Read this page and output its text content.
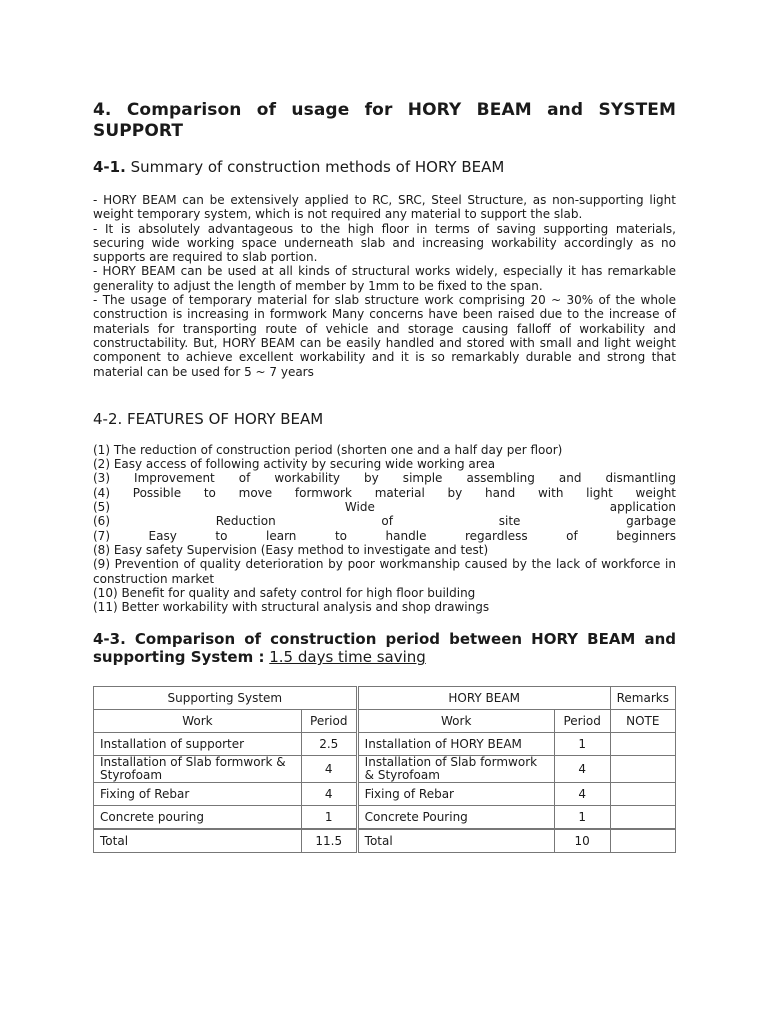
4. Comparison of usage for HORY BEAM and SYSTEM SUPPORT
4-1. Summary of construction methods of HORY BEAM

- HORY BEAM can be extensively applied to RC, SRC, Steel Structure, as non-supporting light weight temporary system, which is not required any material to support the slab.

- It is absolutely advantageous to the high floor in terms of saving supporting materials, securing wide working space underneath slab and increasing workability accordingly as no supports are required to slab portion.

- HORY BEAM can be used at all kinds of structural works widely, especially it has remarkable generality to adjust the length of member by 1mm to be fixed to the span.

- The usage of temporary material for slab structure work comprising 20 ~ 30% of the whole construction is increasing in formwork Many concerns have been raised due to the increase of materials for transporting route of vehicle and storage causing falloff of workability and constructability. But, HORY BEAM can be easily handled and stored with small and light weight component to achieve excellent workability and it is so remarkably durable and strong that material can be used for 5 ~ 7 years

4-2. FEATURES OF HORY BEAM

(1) The reduction of construction period (shorten one and a half day per floor)

(2) Easy access of following activity by securing wide working area

(3) Improvement of workability by simple assembling and dismantling

(4) Possible to move formwork material by hand with light weight

(5) Wide application

(6) Reduction of site garbage

(7) Easy to learn to handle regardless of beginners

(8) Easy safety Supervision (Easy method to investigate and test)

(9) Prevention of quality deterioration by poor workmanship caused by the lack of workforce in construction market

(10) Benefit for quality and safety control for high floor building

(11) Better workability with structural analysis and shop drawings

4-3. Comparison of construction period between HORY BEAM and supporting System : 1.5 days time saving
Supporting System		HORY BEAM		Remarks
Work	Period	Work	Period	NOTE
Installation of supporter	2.5	Installation of HORY BEAM	1	
Installation of Slab formwork & Styrofoam	4	Installation of Slab formwork & Styrofoam	4	
Fixing of Rebar	4	Fixing of Rebar	4	
Concrete pouring	1	Concrete Pouring	1	
Total	11.5	Total	10	
